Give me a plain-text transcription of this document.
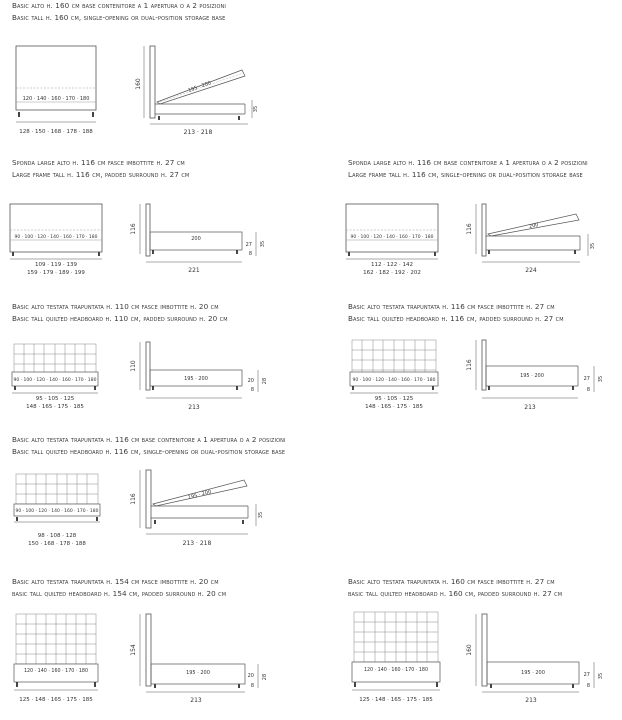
Basic alto h. 160 cm base contenitore a 1 apertura o a 2 posizioni
Basic tall h. 160 cm, single-opening or dual-position storage base
120 · 140 · 160 · 170 · 180
128 · 150 · 168 · 178 · 188
195 · 200
160
35
213 · 218
Sponda large alto h. 116 cm fasce imbottite h. 27 cm
Large frame tall h. 116 cm, padded surround h. 27 cm
90 · 100 · 120 · 140 · 160 · 170 · 180
109 · 119 · 139
159 · 179 · 189 · 199
200
116
27
8
35
221
Sponda large alto h. 116 cm base contenitore a 1 apertura o a 2 posizioni
Large frame tall h. 116 cm, single-opening or dual-position storage base
90 · 100 · 120 · 140 · 160 · 170 · 180
112 · 122 · 142
162 · 182 · 192 · 202
200
116
35
224
Basic alto testata trapuntata h. 110 cm fasce imbottite h. 20 cm
Basic tall quilted headboard h. 110 cm, padded surround h. 20 cm
90 · 100 · 120 · 140 · 160 · 170 · 180
95 · 105 · 125
148 · 165 · 175 · 185
195 · 200
110
20
8
28
213
Basic alto testata trapuntata h. 116 cm fasce imbottite h. 27 cm
Basic tall quilted headboard h. 116 cm, padded surround h. 27 cm
90 · 100 · 120 · 140 · 160 · 170 · 180
95 · 105 · 125
148 · 165 · 175 · 185
195 · 200
116
27
8
35
213
Basic alto testata trapuntata h. 116 cm base contenitore a 1 apertura o a 2 posizioni
Basic tall quilted headboard h. 116 cm, single-opening or dual-position storage base
90 · 100 · 120 · 140 · 160 · 170 · 180
98 · 108 · 128
150 · 168 · 178 · 188
195 · 200
116
35
213 · 218
Basic alto testata trapuntata h. 154 cm fasce imbottite h. 20 cm
basic tall quilted headboard h. 154 cm, padded surround h. 20 cm
120 · 140 · 160 · 170 · 180
125 · 148 · 165 · 175 · 185
195 · 200
154
20
8
28
213
Basic alto testata trapuntata h. 160 cm fasce imbottite h. 27 cm
basic tall quilted headboard h. 160 cm, padded surround h. 27 cm
120 · 140 · 160 · 170 · 180
125 · 148 · 165 · 175 · 185
195 · 200
160
27
8
35
213
